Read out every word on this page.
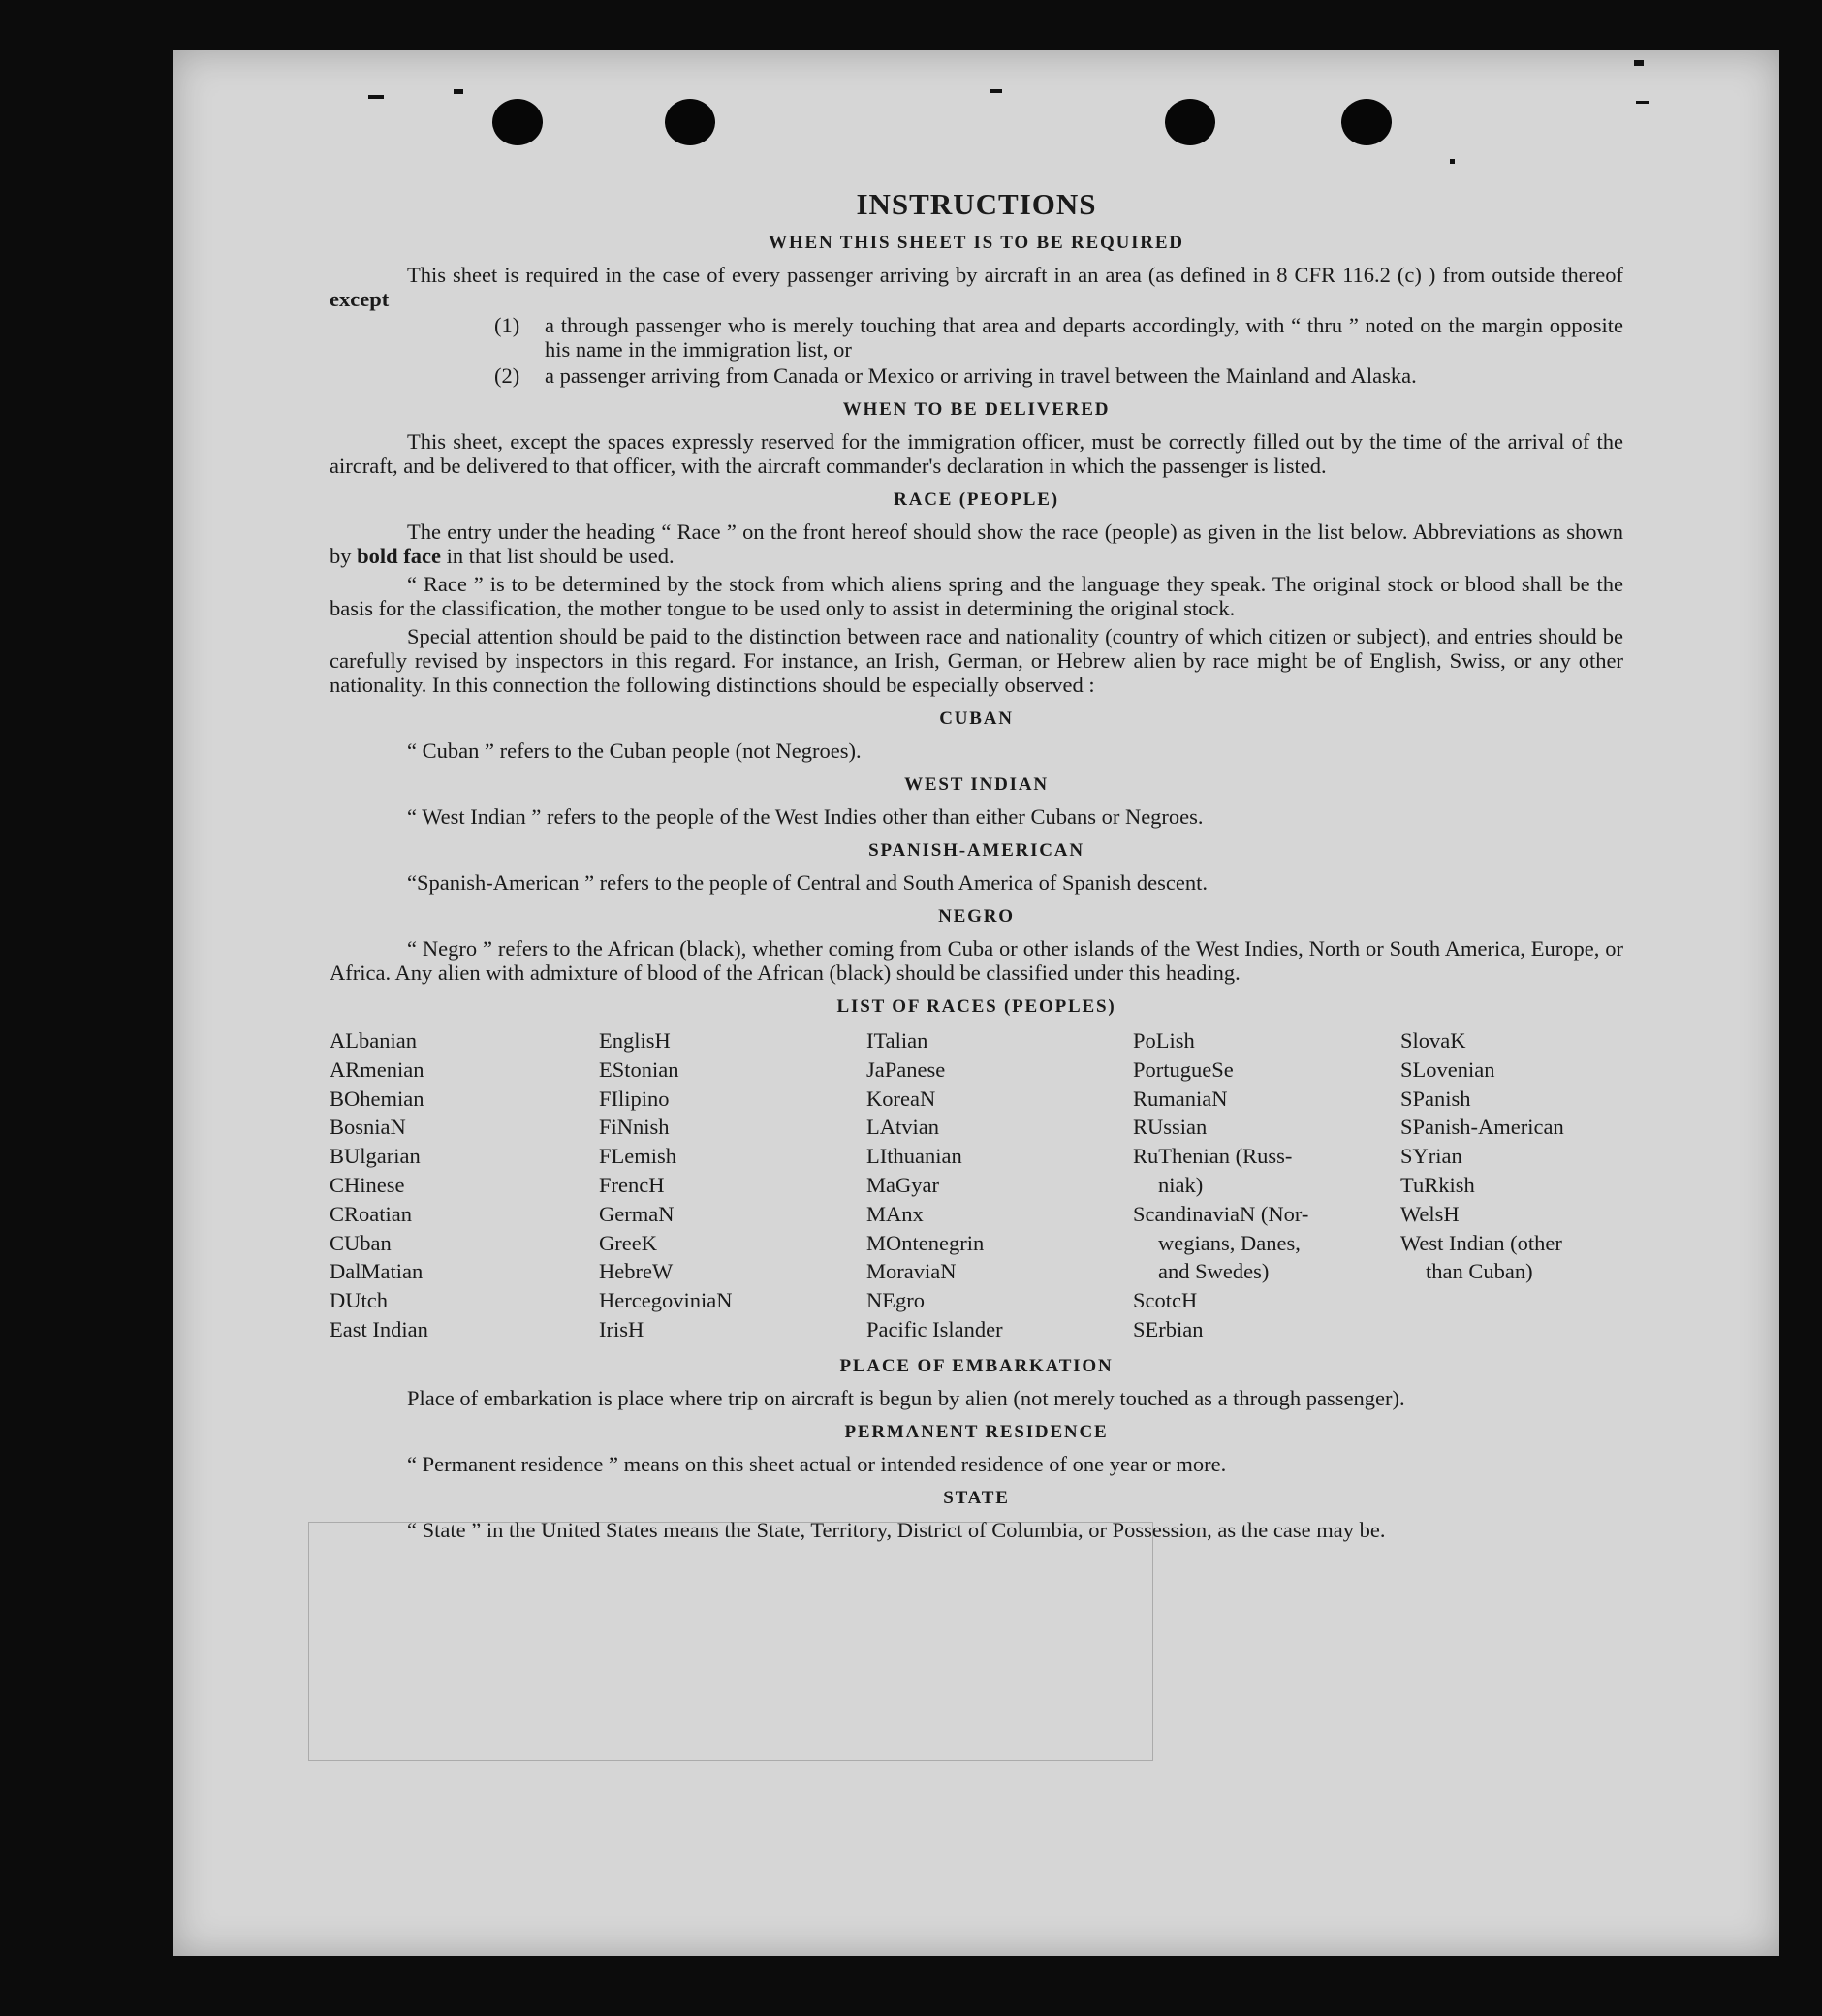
INSTRUCTIONS
WHEN THIS SHEET IS TO BE REQUIRED

This sheet is required in the case of every passenger arriving by aircraft in an area (as defined in 8 CFR 116.2 (c) ) from outside thereof except

(1)	a through passenger who is merely touching that area and departs accordingly, with “ thru ” noted on the margin opposite his name in the immigration list, or
(2)	a passenger arriving from Canada or Mexico or arriving in travel between the Mainland and Alaska.
WHEN TO BE DELIVERED

This sheet, except the spaces expressly reserved for the immigration officer, must be correctly filled out by the time of the arrival of the aircraft, and be delivered to that officer, with the aircraft commander's declaration in which the passenger is listed.

RACE (PEOPLE)

The entry under the heading “ Race ” on the front hereof should show the race (people) as given in the list below. Abbreviations as shown by bold face in that list should be used.

“ Race ” is to be determined by the stock from which aliens spring and the language they speak. The original stock or blood shall be the basis for the classification, the mother tongue to be used only to assist in determining the original stock.

Special attention should be paid to the distinction between race and nationality (country of which citizen or subject), and entries should be carefully revised by inspectors in this regard. For instance, an Irish, German, or Hebrew alien by race might be of English, Swiss, or any other nationality. In this connection the following distinctions should be especially observed :

CUBAN

“ Cuban ” refers to the Cuban people (not Negroes).

WEST INDIAN

“ West Indian ” refers to the people of the West Indies other than either Cubans or Negroes.

SPANISH-AMERICAN

“Spanish-American ” refers to the people of Central and South America of Spanish descent.

NEGRO

“ Negro ” refers to the African (black), whether coming from Cuba or other islands of the West Indies, North or South America, Europe, or Africa. Any alien with admixture of blood of the African (black) should be classified under this heading.

LIST OF RACES (PEOPLES)
ALbanian
ARmenian
BOhemian
BosniaN
BUlgarian
CHinese
CRoatian
CUban
DalMatian
DUtch
East Indian
EnglisH
EStonian
FIlipino
FiNnish
FLemish
FrencH
GermaN
GreeK
HebreW
HercegoviniaN
IrisH
ITalian
JaPanese
KoreaN
LAtvian
LIthuanian
MaGyar
MAnx
MOntenegrin
MoraviaN
NEgro
Pacific Islander
PoLish
PortugueSe
RumaniaN
RUssian
RuThenian (Russ-
niak)
ScandinaviaN (Nor-
wegians, Danes,
and Swedes)
ScotcH
SErbian
SlovaK
SLovenian
SPanish
SPanish-American
SYrian
TuRkish
WelsH
West Indian (other
than Cuban)
PLACE OF EMBARKATION

Place of embarkation is place where trip on aircraft is begun by alien (not merely touched as a through passenger).

PERMANENT RESIDENCE

“ Permanent residence ” means on this sheet actual or intended residence of one year or more.

STATE

“ State ” in the United States means the State, Territory, District of Columbia, or Possession, as the case may be.
